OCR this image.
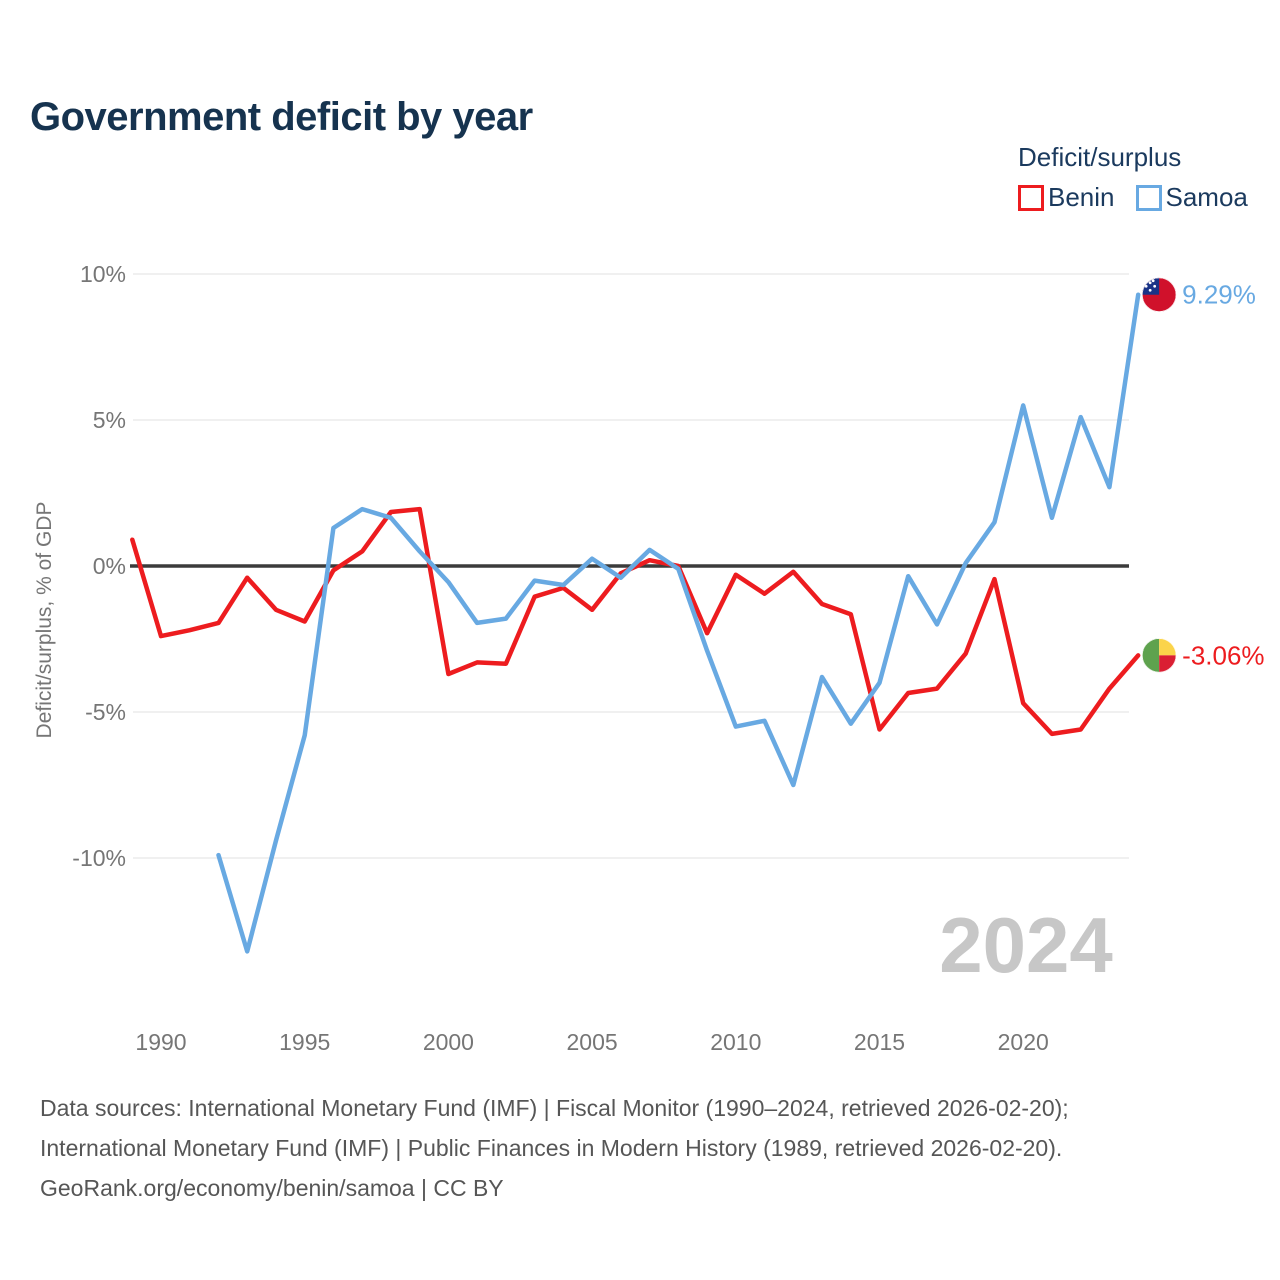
Government deficit by year
Deficit/surplus
Benin Samoa
Deficit/surplus, % of GDP
10%
5%
0%
-5%
-10%
1990	1995	2000	2005	2010	2015	2020
2024
-3.06%
9.29%
Data sources: International Monetary Fund (IMF) | Fiscal Monitor (1990–2024, retrieved 2026-02-20);
International Monetary Fund (IMF) | Public Finances in Modern History (1989, retrieved 2026-02-20).
GeoRank.org/economy/benin/samoa | CC BY
